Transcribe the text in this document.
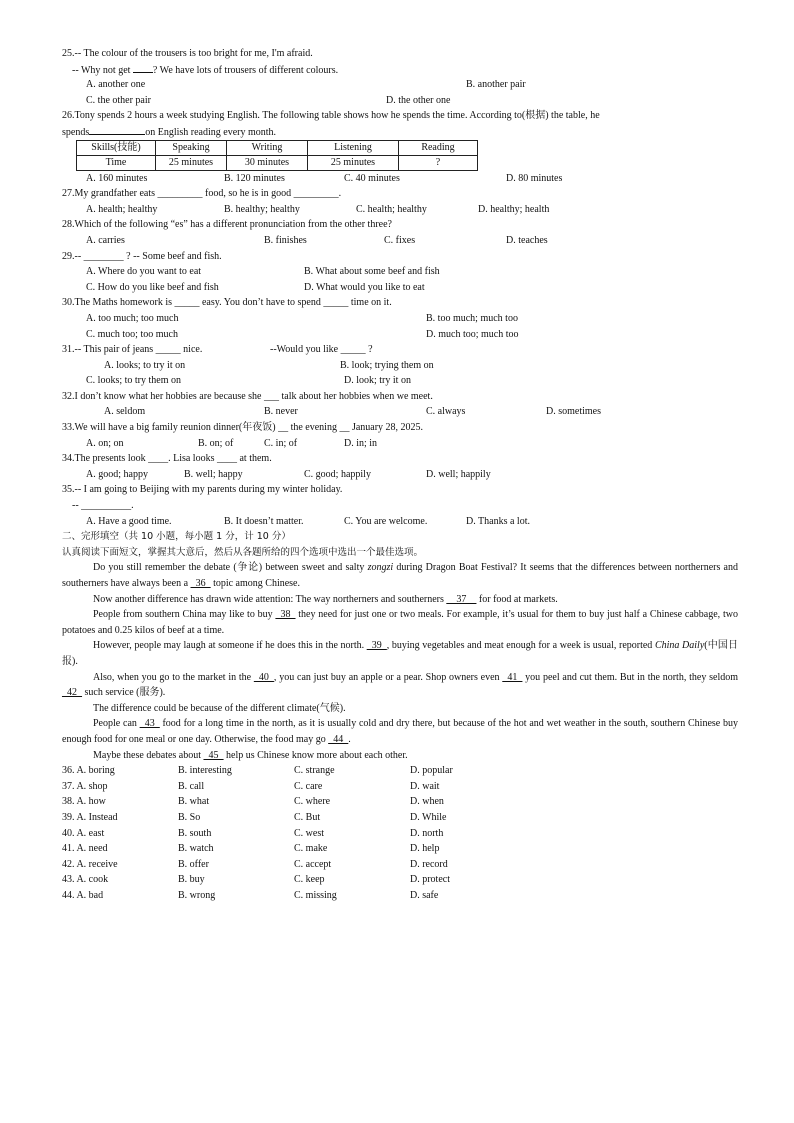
25.-- The colour of the trousers is too bright for me, I'm afraid.
-- Why not get ? We have lots of trousers of different colours.
A. another one	B. another pair
C. the other pair	D. the other one
26.Tony spends 2 hours a week studying English. The following table shows how he spends the time. According to(根据) the table, he
spends	on English reading every month.
Skills(技能)	Speaking	Writing	Listening	Reading
Time	25 minutes	30 minutes	25 minutes	?
A. 160 minutes	B. 120 minutes	C. 40 minutes	D. 80 minutes
27.My grandfather eats _________ food, so he is in good _________.
A. health; healthy	B. healthy; healthy	C. health; healthy	D. healthy; health
28.Which of the following “es” has a different pronunciation from the other three?
A. carries	B. finishes	C. fixes	D. teaches
29.-- ________ ? -- Some beef and fish.
A. Where do you want to eat	B. What about some beef and fish
C. How do you like beef and fish	D. What would you like to eat
30.The Maths homework is _____ easy. You don’t have to spend _____ time on it.
A. too much; too much	B. too much; much too
C. much too; too much	D. much too; much too
31.-- This pair of jeans _____ nice.	--Would you like _____ ?
A. looks; to try it on	B. look; trying them on
C. looks; to try them on	D. look; try it on
32.I don’t know what her hobbies are because she ___ talk about her hobbies when we meet.
A. seldom	B. never	C. always	D. sometimes
33.We will have a big family reunion dinner(年夜饭) __ the evening __ January 28, 2025.
A. on; on	B. on; of	C. in; of	D. in; in
34.The presents look ____. Lisa looks ____ at them.
A. good; happy	B. well; happy	C. good; happily	D. well; happily
35.-- I am going to Beijing with my parents during my winter holiday.
-- __________.
A. Have a good time.	B. It doesn’t matter.	C. You are welcome.	D. Thanks a lot.
二、完形填空（共 10 小题，每小题 1 分，计 10 分）
认真阅读下面短文，掌握其大意后，然后从各题所给的四个选项中选出一个最佳选项。
Do you still remember the debate (争论) between sweet and salty zongzi during Dragon Boat Festival? It seems that the differences between northerners and southerners have always been a _36_ topic among Chinese.
Now another difference has drawn wide attention: The way northerners and southerners __37__ for food at markets.
People from southern China may like to buy _38_ they need for just one or two meals. For example, it’s usual for them to buy just half a Chinese cabbage, two potatoes and 0.25 kilos of beef at a time.
However, people may laugh at someone if he does this in the north. _39_, buying vegetables and meat enough for a week is usual, reported China Daily(中国日报).
Also, when you go to the market in the _40_, you can just buy an apple or a pear. Shop owners even _41_ you peel and cut them. But in the north, they seldom _42_ such service (服务).
The difference could be because of the different climate(气候).
People can _43_ food for a long time in the north, as it is usually cold and dry there, but because of the hot and wet weather in the south, southern Chinese buy enough food for one meal or one day. Otherwise, the food may go _44_.
Maybe these debates about _45_ help us Chinese know more about each other.
36. A. boring	B. interesting	C. strange	D. popular
37. A. shop	B. call	C. care	D. wait
38. A. how	B. what	C. where	D. when
39. A. Instead	B. So	C. But	D. While
40. A. east	B. south	C. west	D. north
41. A. need	B. watch	C. make	D. help
42. A. receive	B. offer	C. accept	D. record
43. A. cook	B. buy	C. keep	D. protect
44. A. bad	B. wrong	C. missing	D. safe
